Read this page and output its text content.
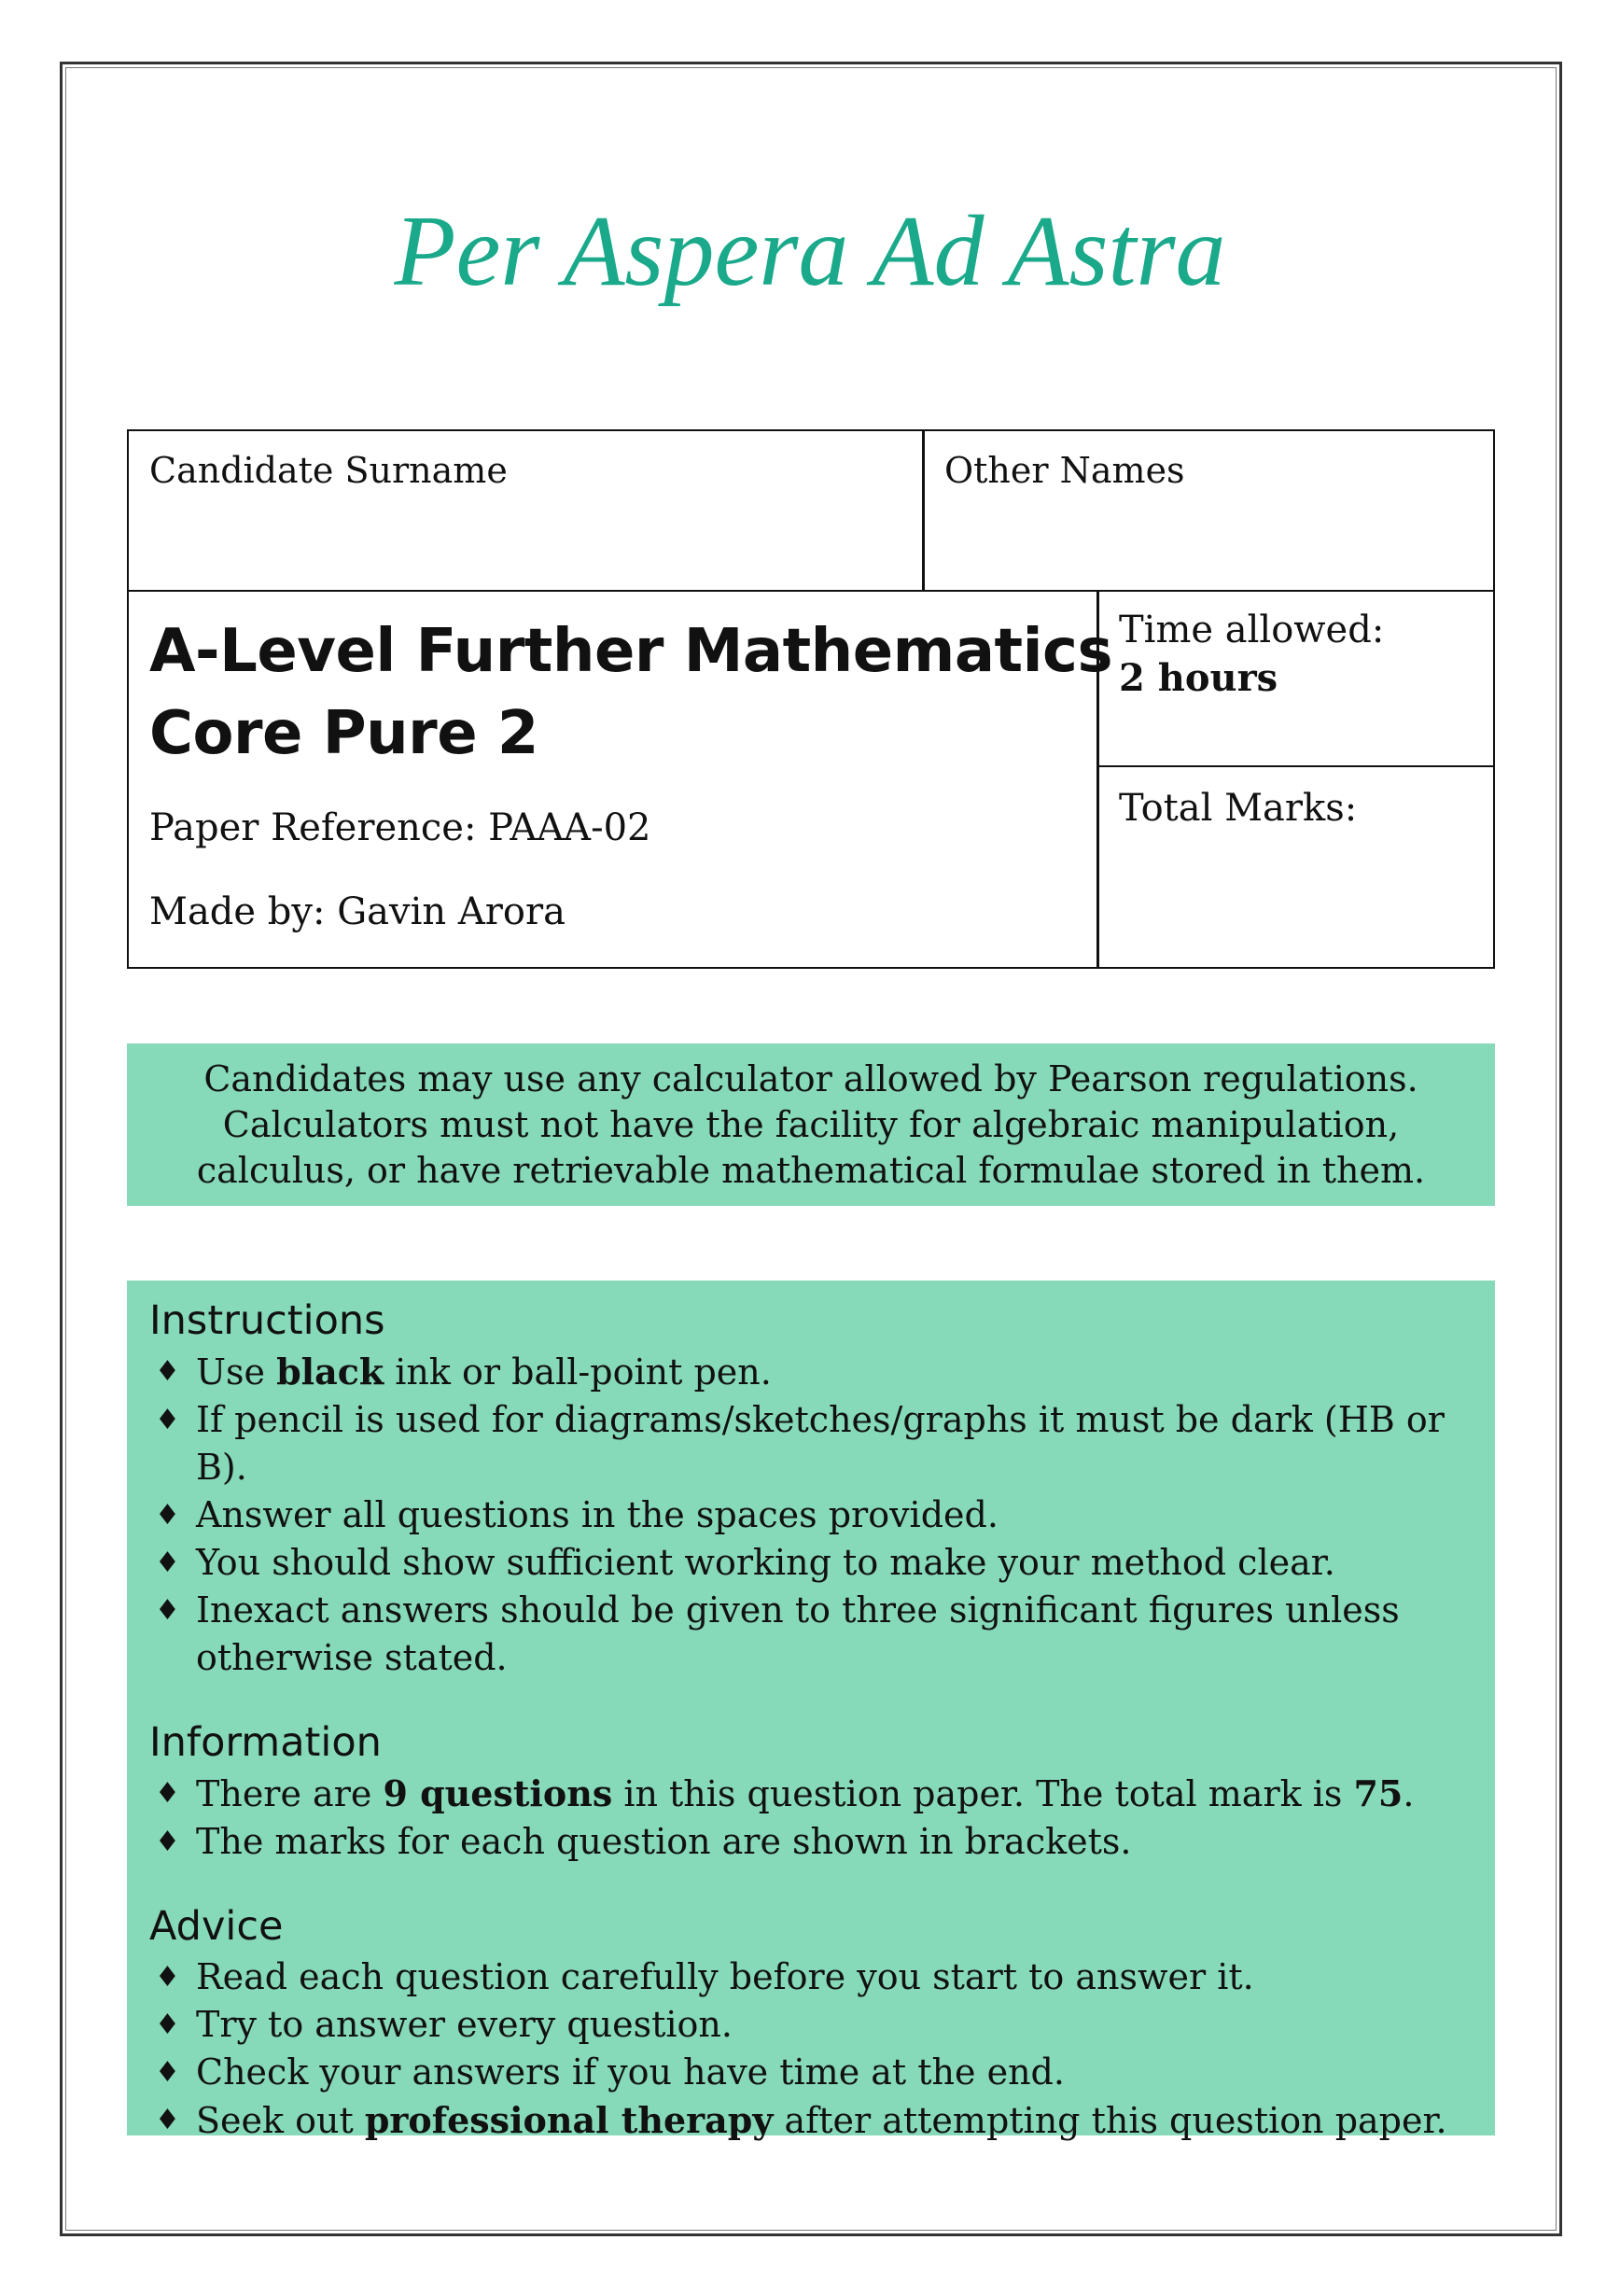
Per Aspera Ad Astra
Candidate Surname	Other Names
A-Level Further Mathematics
Core Pure 2
Paper Reference: PAAA-02
Made by: Gavin Arora
Time allowed:
2 hours
Total Marks:
Candidates may use any calculator allowed by Pearson regulations. Calculators must not have the facility for algebraic manipulation, calculus, or have retrievable mathematical formulae stored in them.
Instructions
♦ Use black ink or ball-point pen.
♦ If pencil is used for diagrams/sketches/graphs it must be dark (HB or B).
♦ Answer all questions in the spaces provided.
♦ You should show sufficient working to make your method clear.
♦ Inexact answers should be given to three significant figures unless otherwise stated.
Information
♦ There are 9 questions in this question paper. The total mark is 75.
♦ The marks for each question are shown in brackets.
Advice
♦ Read each question carefully before you start to answer it.
♦ Try to answer every question.
♦ Check your answers if you have time at the end.
♦ Seek out professional therapy after attempting this question paper.
